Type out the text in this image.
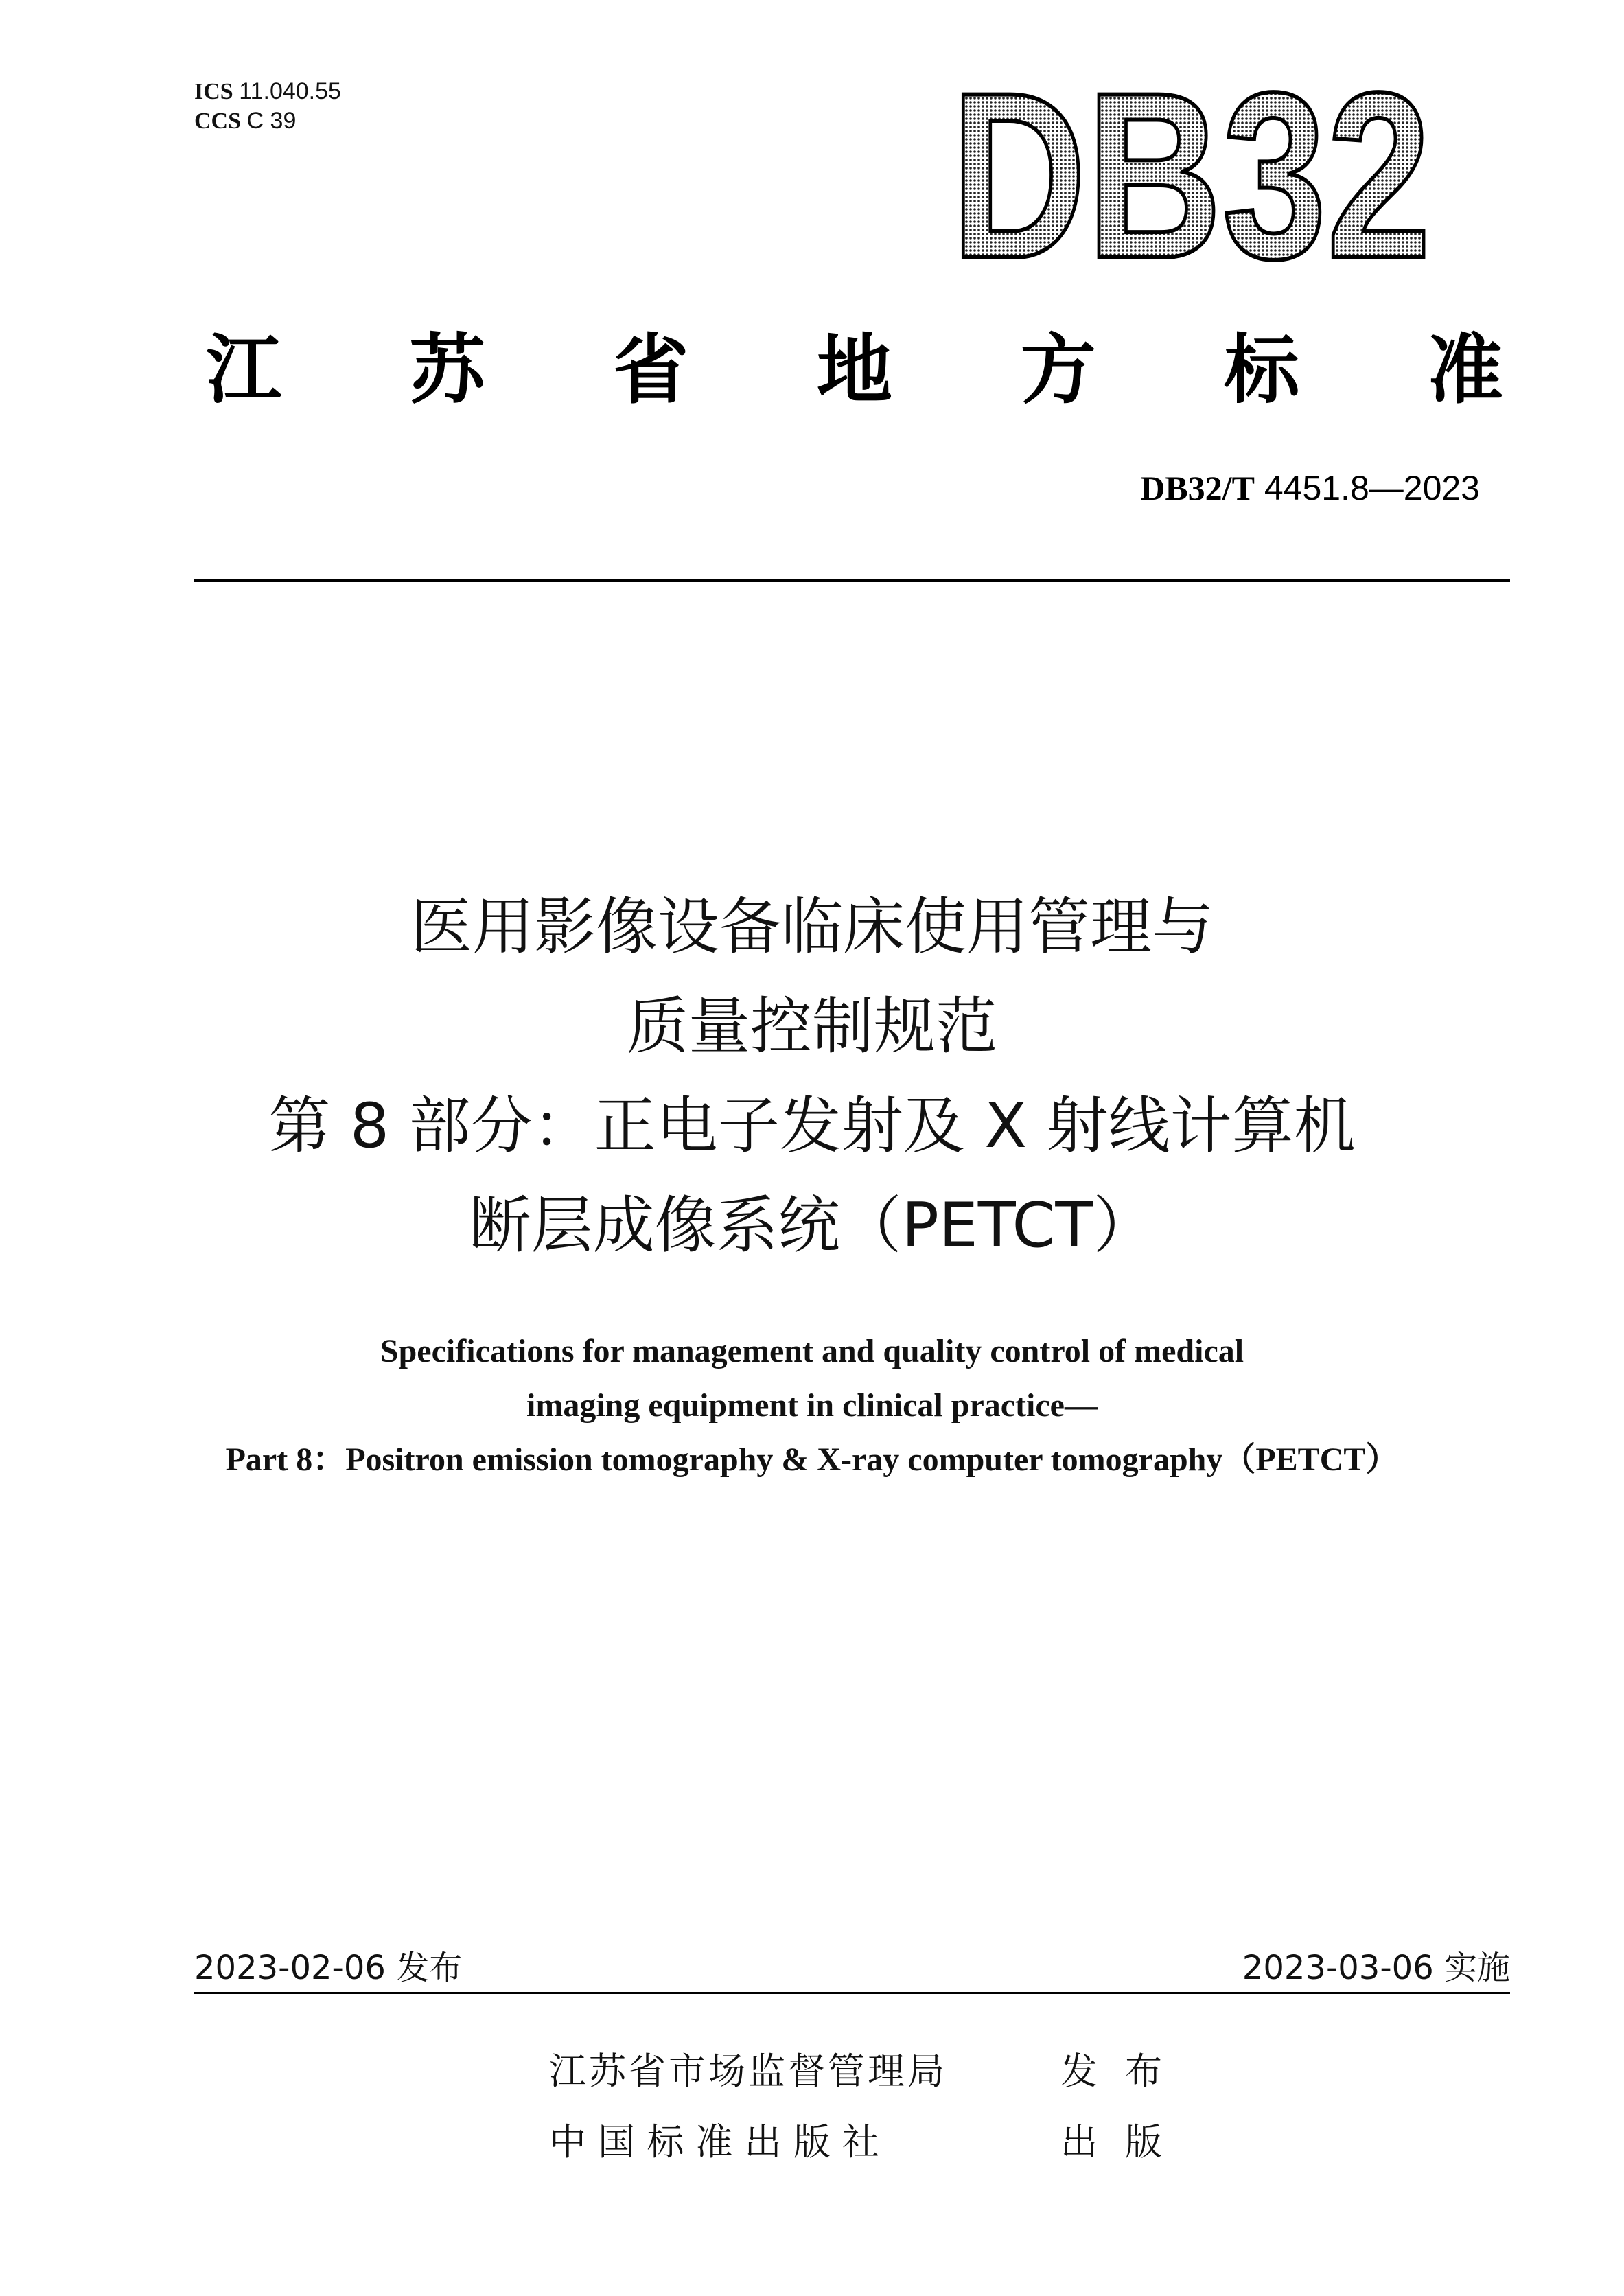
ICS 11.040.55
CCS C 39	DB32
江 苏 省 地 方 标 准
DB32/T 4451.8—2023
医用影像设备临床使用管理与
质量控制规范
第 8 部分：正电子发射及 X 射线计算机
断层成像系统（PETCT）
Specifications for management and quality control of medical
imaging equipment in clinical practice—
Part 8：Positron emission tomography & X-ray computer tomography（PETCT）
2023-02-06 发布	2023-03-06 实施
江苏省市场监督管理局	发布
中 国 标 准 出 版 社	出版
